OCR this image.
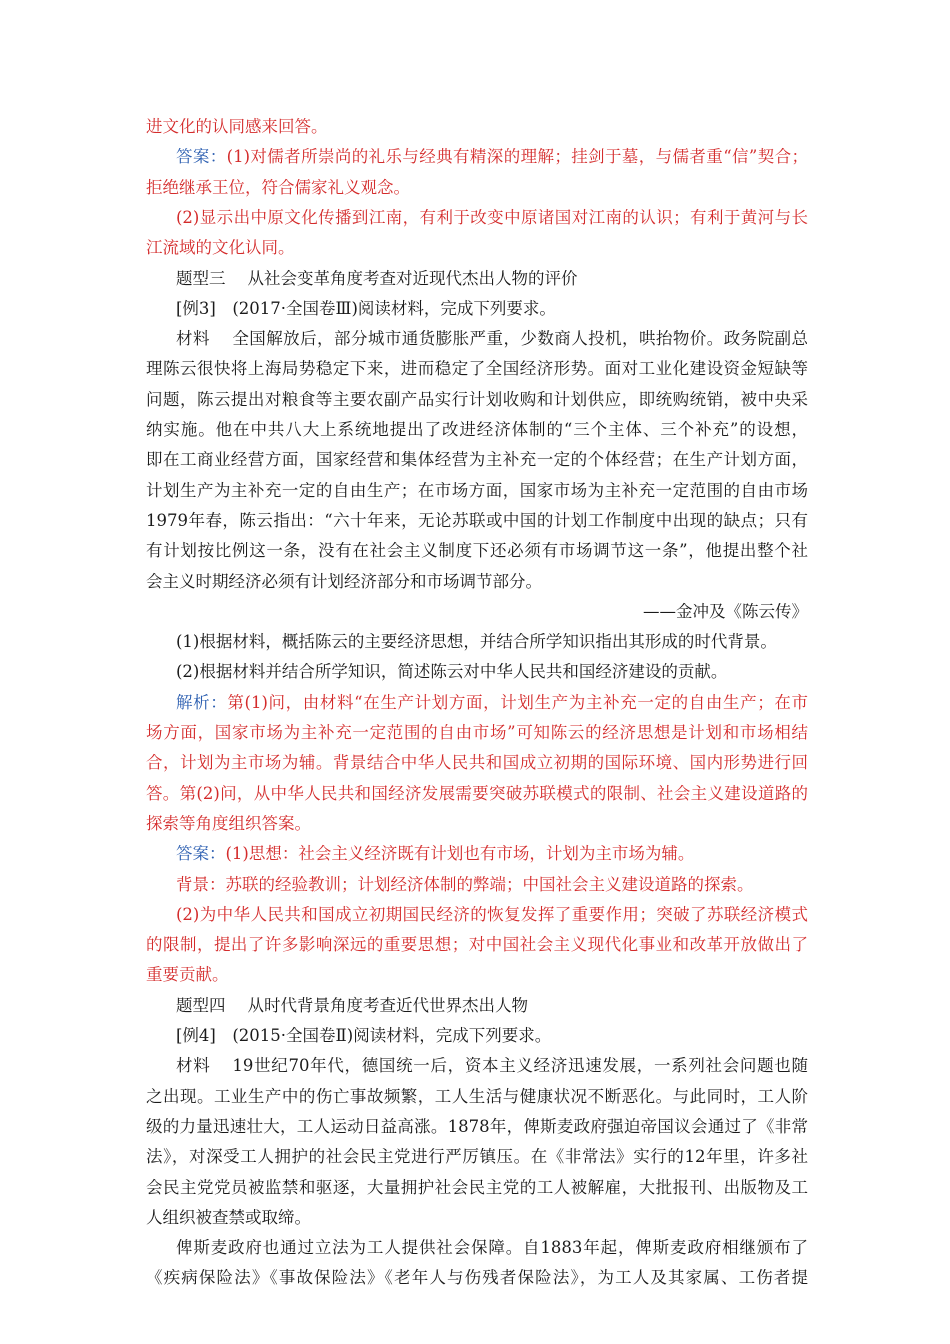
进文化的认同感来回答。
答案：(1)对儒者所崇尚的礼乐与经典有精深的理解；挂剑于墓，与儒者重“信”契合；
拒绝继承王位，符合儒家礼义观念。
(2)显示出中原文化传播到江南，有利于改变中原诸国对江南的认识；有利于黄河与长
江流域的文化认同。
题型三 从社会变革角度考查对近现代杰出人物的评价
[例3]　(2017·全国卷Ⅲ)阅读材料，完成下列要求。
材料 全国解放后，部分城市通货膨胀严重，少数商人投机，哄抬物价。政务院副总
理陈云很快将上海局势稳定下来，进而稳定了全国经济形势。面对工业化建设资金短缺等
问题，陈云提出对粮食等主要农副产品实行计划收购和计划供应，即统购统销，被中央采
纳实施。他在中共八大上系统地提出了改进经济体制的“三个主体、三个补充”的设想，
即在工商业经营方面，国家经营和集体经营为主补充一定的个体经营；在生产计划方面，
计划生产为主补充一定的自由生产；在市场方面，国家市场为主补充一定范围的自由市场
1979年春，陈云指出：“六十年来，无论苏联或中国的计划工作制度中出现的缺点；只有
有计划按比例这一条，没有在社会主义制度下还必须有市场调节这一条”，他提出整个社
会主义时期经济必须有计划经济部分和市场调节部分。
——金冲及《陈云传》
(1)根据材料，概括陈云的主要经济思想，并结合所学知识指出其形成的时代背景。
(2)根据材料并结合所学知识，简述陈云对中华人民共和国经济建设的贡献。
解析：第(1)问，由材料“在生产计划方面，计划生产为主补充一定的自由生产；在市
场方面，国家市场为主补充一定范围的自由市场”可知陈云的经济思想是计划和市场相结
合，计划为主市场为辅。背景结合中华人民共和国成立初期的国际环境、国内形势进行回
答。第(2)问，从中华人民共和国经济发展需要突破苏联模式的限制、社会主义建设道路的
探索等角度组织答案。
答案：(1)思想：社会主义经济既有计划也有市场，计划为主市场为辅。
背景：苏联的经验教训；计划经济体制的弊端；中国社会主义建设道路的探索。
(2)为中华人民共和国成立初期国民经济的恢复发挥了重要作用；突破了苏联经济模式
的限制，提出了许多影响深远的重要思想；对中国社会主义现代化事业和改革开放做出了
重要贡献。
题型四 从时代背景角度考查近代世界杰出人物
[例4]　(2015·全国卷Ⅱ)阅读材料，完成下列要求。
材料 19世纪70年代，德国统一后，资本主义经济迅速发展，一系列社会问题也随
之出现。工业生产中的伤亡事故频繁，工人生活与健康状况不断恶化。与此同时，工人阶
级的力量迅速壮大，工人运动日益高涨。1878年，俾斯麦政府强迫帝国议会通过了《非常
法》，对深受工人拥护的社会民主党进行严厉镇压。在《非常法》实行的12年里，许多社
会民主党党员被监禁和驱逐，大量拥护社会民主党的工人被解雇，大批报刊、出版物及工
人组织被查禁或取缔。
俾斯麦政府也通过立法为工人提供社会保障。自1883年起，俾斯麦政府相继颁布了
《疾病保险法》《事故保险法》《老年人与伤残者保险法》，为工人及其家属、工伤者提
